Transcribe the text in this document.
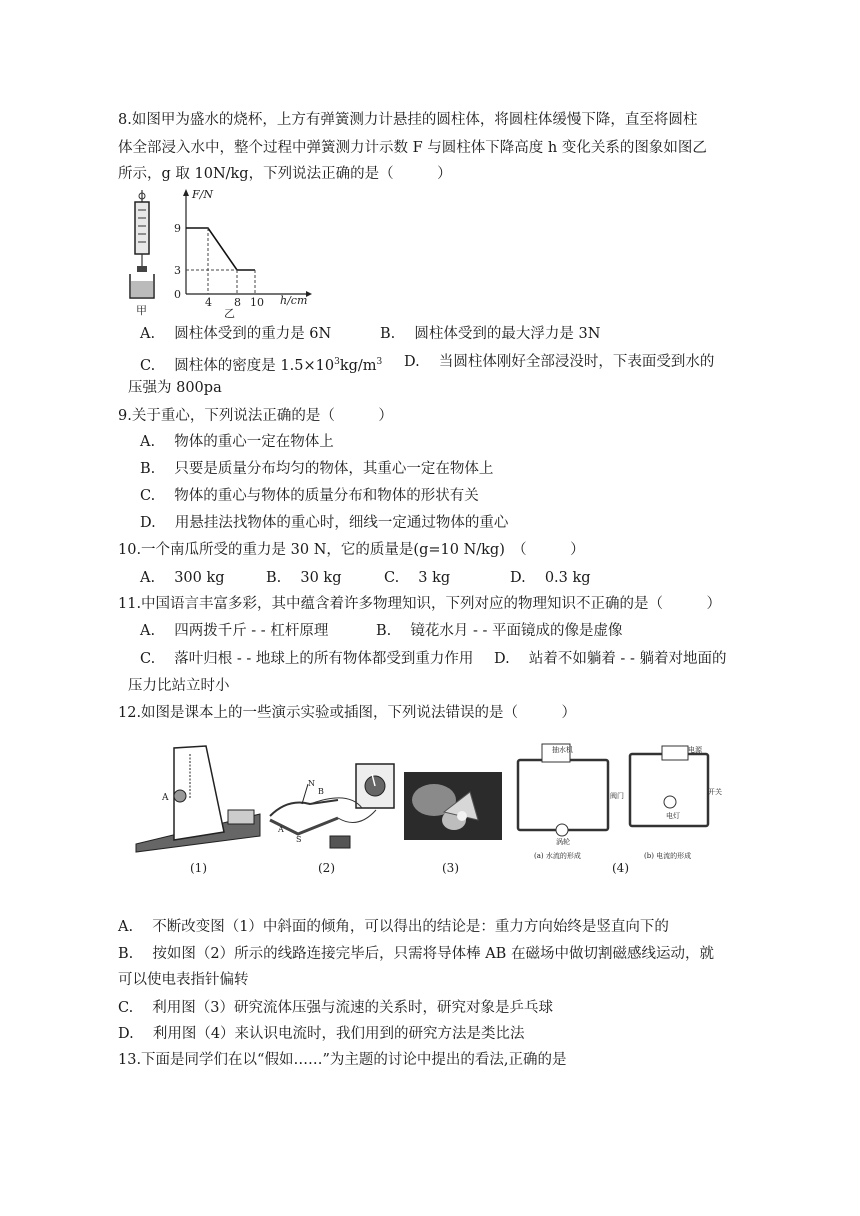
8.如图甲为盛水的烧杯，上方有弹簧测力计悬挂的圆柱体，将圆柱体缓慢下降，直至将圆柱
体全部浸入水中，整个过程中弹簧测力计示数 F 与圆柱体下降高度 h 变化关系的图象如图乙
所示，g 取 10N/kg，下列说法正确的是（　　　）
甲
F/N
h/cm
0
9
3
4 8 10
乙
A.　 圆柱体受到的重力是 6N	B.　 圆柱体受到的最大浮力是 3N
C.　 圆柱体的密度是 $1.5\times 10^3kg/m^3$ D.　 当圆柱体刚好全部浸没时，下表面受到水的
压强为 800pa
9.关于重心，下列说法正确的是（　　　）
A.　 物体的重心一定在物体上
B.　 只要是质量分布均匀的物体，其重心一定在物体上
C.　 物体的重心与物体的质量分布和物体的形状有关
D.　 用悬挂法找物体的重心时，细线一定通过物体的重心
10.一个南瓜所受的重力是 30 N，它的质量是(g=10 N/kg)　（　　　）
A.　 300 kg	B.　 30 kg	C.　 3 kg	D.　 0.3 kg
11.中国语言丰富多彩，其中蕴含着许多物理知识，下列对应的物理知识不正确的是（　　　）
A.　 四两拨千斤 - - 杠杆原理	B.　 镜花水月 - - 平面镜成的像是虚像
C.　 落叶归根 - - 地球上的所有物体都受到重力作用 D.　 站着不如躺着 - - 躺着对地面的
压力比站立时小
12.如图是课本上的一些演示实验或插图，下列说法错误的是（　　　）
A
(1)
N
B
A
S
(2)	(3)
抽水机
涡轮
阀门
(a) 水流的形成
电源
电灯
开关
(b) 电流的形成
(4)
A.　 不断改变图（1）中斜面的倾角，可以得出的结论是：重力方向始终是竖直向下的
B.　 按如图（2）所示的线路连接完毕后，只需将导体棒 AB 在磁场中做切割磁感线运动，就
可以使电表指针偏转
C.　 利用图（3）研究流体压强与流速的关系时，研究对象是乒乓球
D.　 利用图（4）来认识电流时，我们用到的研究方法是类比法
13.下面是同学们在以“假如……”为主题的讨论中提出的看法,正确的是
